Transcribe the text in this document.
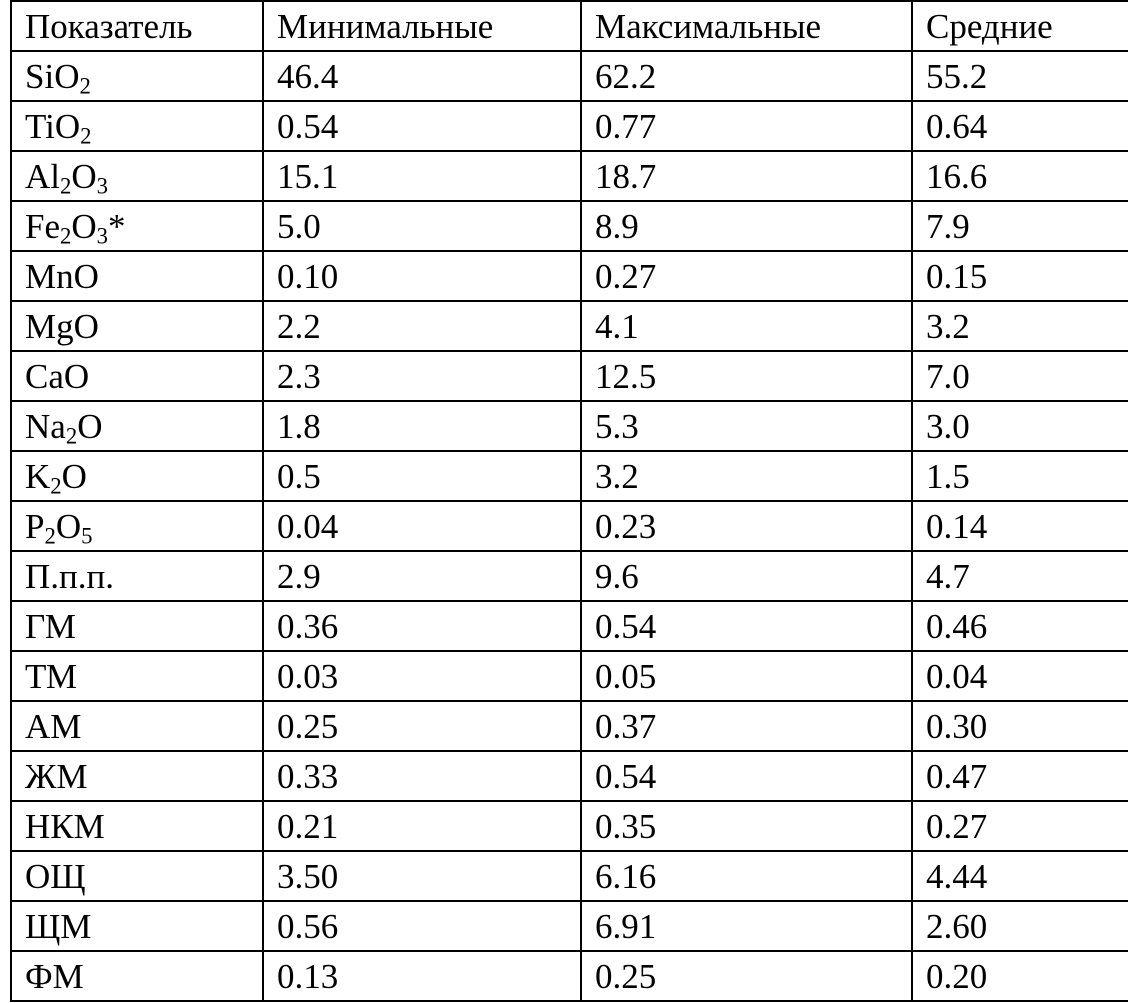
Показатель	Минимальные	Максимальные	Средние
SiO$_2$	46.4	62.2	55.2
TiO$_2$	0.54	0.77	0.64
$Al_2O_3$	15.1	18.7	16.6
$Fe_2O_3*$	5.0	8.9	7.9
MnO	0.10	0.27	0.15
MgO	2.2	4.1	3.2
CaO	2.3	12.5	7.0
$Na_2O$	1.8	5.3	3.0
$K_2O$	0.5	3.2	1.5
$P_2O_5$	0.04	0.23	0.14
П.п.п.	2.9	9.6	4.7
ГМ	0.36	0.54	0.46
ТМ	0.03	0.05	0.04
АМ	0.25	0.37	0.30
ЖМ	0.33	0.54	0.47
НКМ	0.21	0.35	0.27
ОЩ	3.50	6.16	4.44
ЩМ	0.56	6.91	2.60
ФМ	0.13	0.25	0.20
